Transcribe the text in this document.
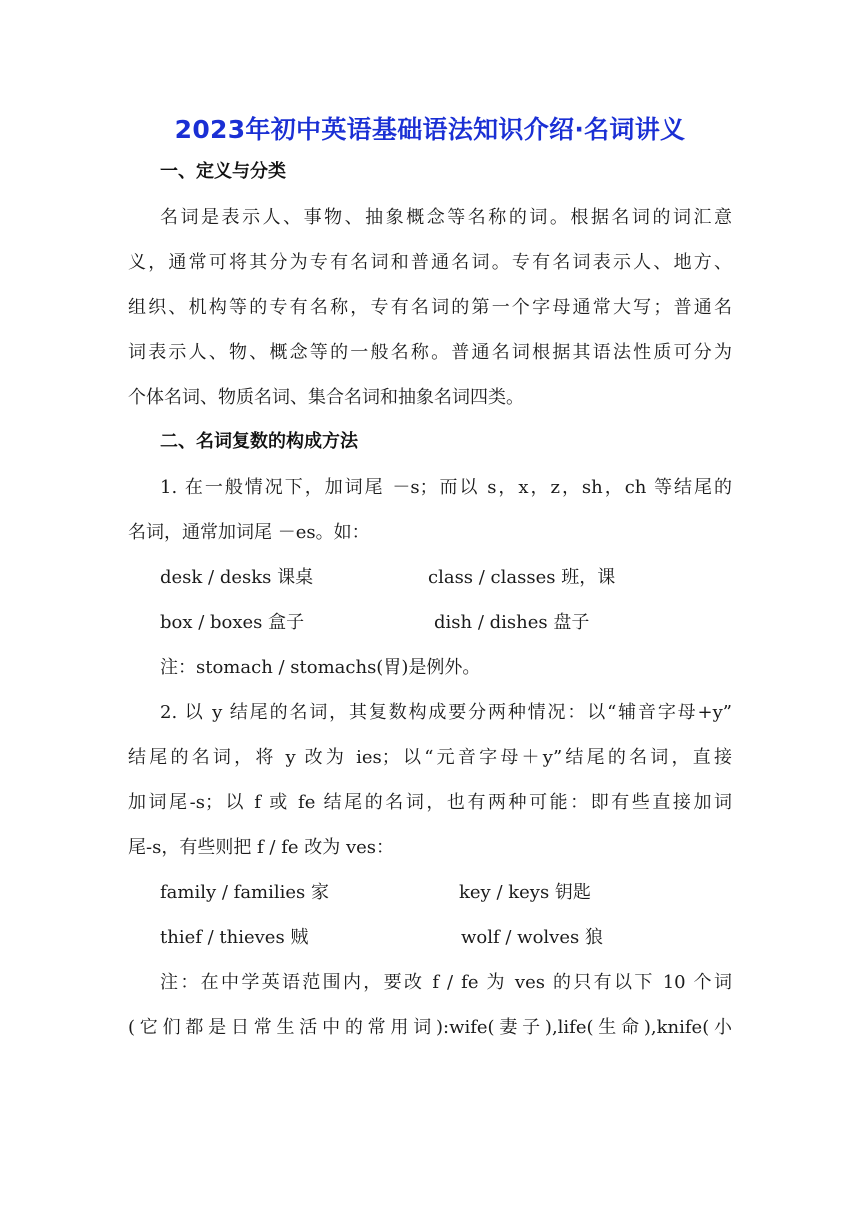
2023年初中英语基础语法知识介绍·名词讲义
一、定义与分类
名词是表示人、事物、抽象概念等名称的词。根据名词的词汇意
义，通常可将其分为专有名词和普通名词。专有名词表示人、地方、
组织、机构等的专有名称，专有名词的第一个字母通常大写；普通名
词表示人、物、概念等的一般名称。普通名词根据其语法性质可分为
个体名词、物质名词、集合名词和抽象名词四类。
二、名词复数的构成方法
1. 在一般情况下，加词尾 －s；而以 s，x，z，sh，ch 等结尾的
名词，通常加词尾 －es。如：
desk / desks 课桌	class / classes 班，课
box / boxes 盒子	dish / dishes 盘子
注：stomach / stomachs(胃)是例外。
2. 以 y 结尾的名词，其复数构成要分两种情况：以“辅音字母+y”
结尾的名词，将 y 改为 ies；以“元音字母＋y”结尾的名词，直接
加词尾-s；以 f 或 fe 结尾的名词，也有两种可能：即有些直接加词
尾-s，有些则把 f / fe 改为 ves：
family / families 家	key / keys 钥匙
thief / thieves 贼	wolf / wolves 狼
注：在中学英语范围内，要改 f / fe 为 ves 的只有以下 10 个词
(它们都是日常生活中的常用词):wife(妻子),life(生命),knife(小
